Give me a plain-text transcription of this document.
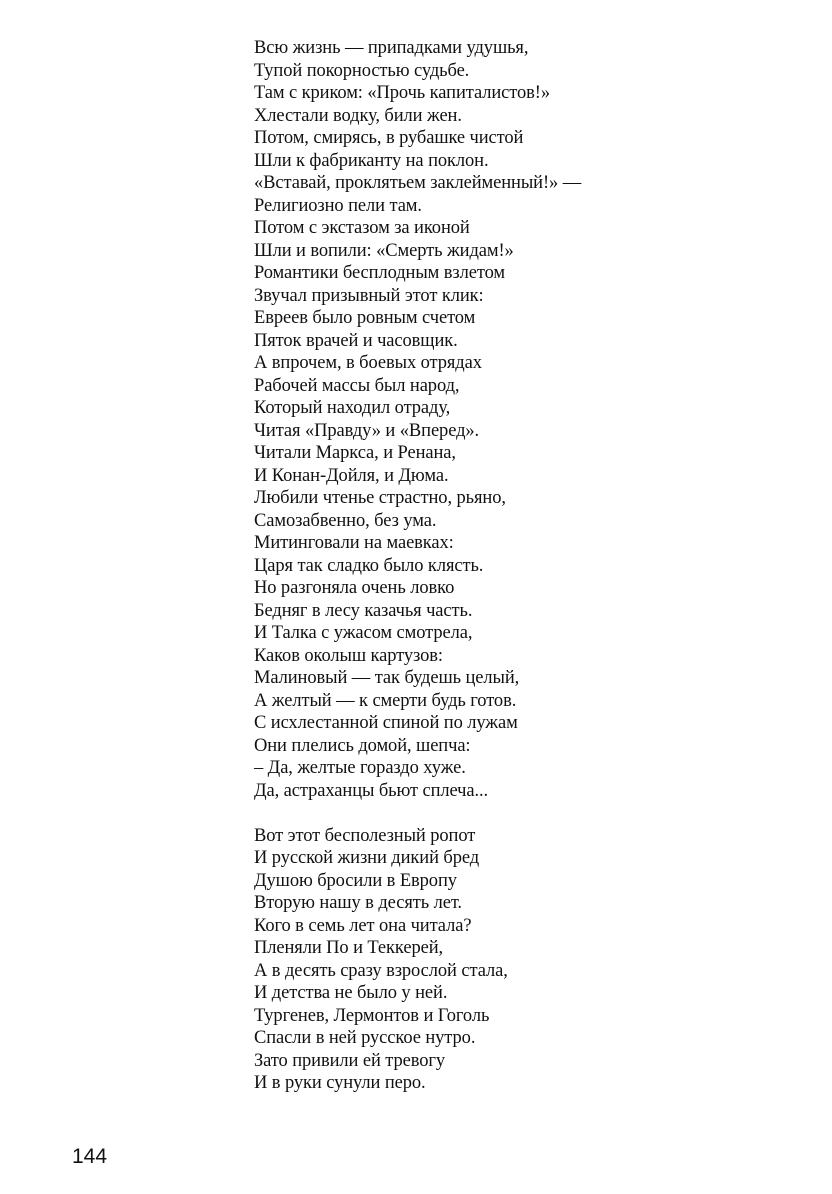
Всю жизнь — припадками удушья,
Тупой покорностью судьбе.
Там с криком: «Прочь капиталистов!»
Хлестали водку, били жен.
Потом, смирясь, в рубашке чистой
Шли к фабриканту на поклон.
«Вставай, проклятьем заклейменный!» —
Религиозно пели там.
Потом с экстазом за иконой
Шли и вопили: «Смерть жидам!»
Романтики бесплодным взлетом
Звучал призывный этот клик:
Евреев было ровным счетом
Пяток врачей и часовщик.
А впрочем, в боевых отрядах
Рабочей массы был народ,
Который находил отраду,
Читая «Правду» и «Вперед».
Читали Маркса, и Ренана,
И Конан-Дойля, и Дюма.
Любили чтенье страстно, рьяно,
Самозабвенно, без ума.
Митинговали на маевках:
Царя так сладко было клясть.
Но разгоняла очень ловко
Бедняг в лесу казачья часть.
И Талка с ужасом смотрела,
Каков околыш картузов:
Малиновый — так будешь целый,
А желтый — к смерти будь готов.
С исхлестанной спиной по лужам
Они плелись домой, шепча:
– Да, желтые гораздо хуже.
Да, астраханцы бьют сплеча...
Вот этот бесполезный ропот
И русской жизни дикий бред
Душою бросили в Европу
Вторую нашу в десять лет.
Кого в семь лет она читала?
Пленяли По и Теккерей,
А в десять сразу взрослой стала,
И детства не было у ней.
Тургенев, Лермонтов и Гоголь
Спасли в ней русское нутро.
Зато привили ей тревогу
И в руки сунули перо.
144
